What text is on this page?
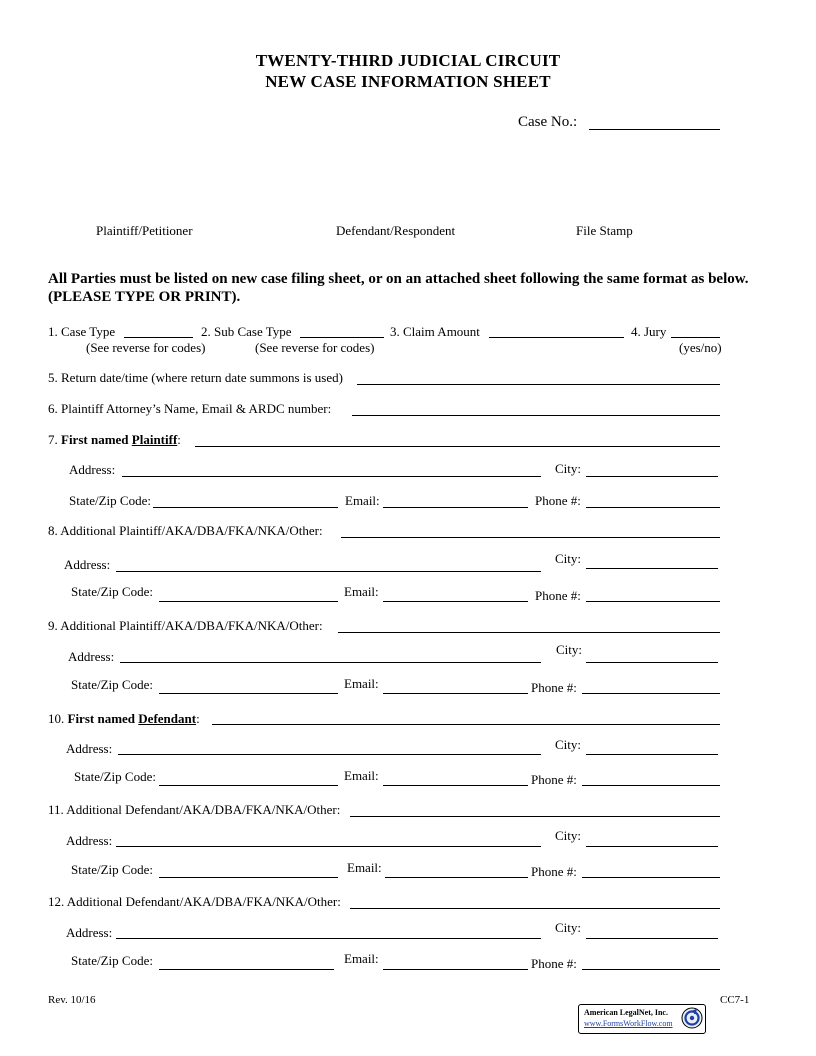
TWENTY-THIRD JUDICIAL CIRCUIT
NEW CASE INFORMATION SHEET
Case No.:
Plaintiff/Petitioner	Defendant/Respondent	File Stamp
All Parties must be listed on new case filing sheet, or on an attached sheet following the same format as below. (PLEASE TYPE OR PRINT).
1. Case Type	2. Sub Case Type	3. Claim Amount	4. Jury
(See reverse for codes)	(See reverse for codes)	(yes/no)
5. Return date/time (where return date summons is used)
6. Plaintiff Attorney’s Name, Email & ARDC number:
7. First named Plaintiff:
Address:	City:
State/Zip Code:	Email:	Phone #:
8. Additional Plaintiff/AKA/DBA/FKA/NKA/Other:
Address:	City:
State/Zip Code:	Email:	Phone #:
9. Additional Plaintiff/AKA/DBA/FKA/NKA/Other:
Address:	City:
State/Zip Code:	Email:	Phone #:
10. First named Defendant:
Address:	City:
State/Zip Code:	Email:	Phone #:
11. Additional Defendant/AKA/DBA/FKA/NKA/Other:
Address:	City:
State/Zip Code:	Email:	Phone #:
12. Additional Defendant/AKA/DBA/FKA/NKA/Other:
Address:	City:
State/Zip Code:	Email:	Phone #:
Rev. 10/16	CC7-1
American LegalNet, Inc.
www.FormsWorkFlow.com
